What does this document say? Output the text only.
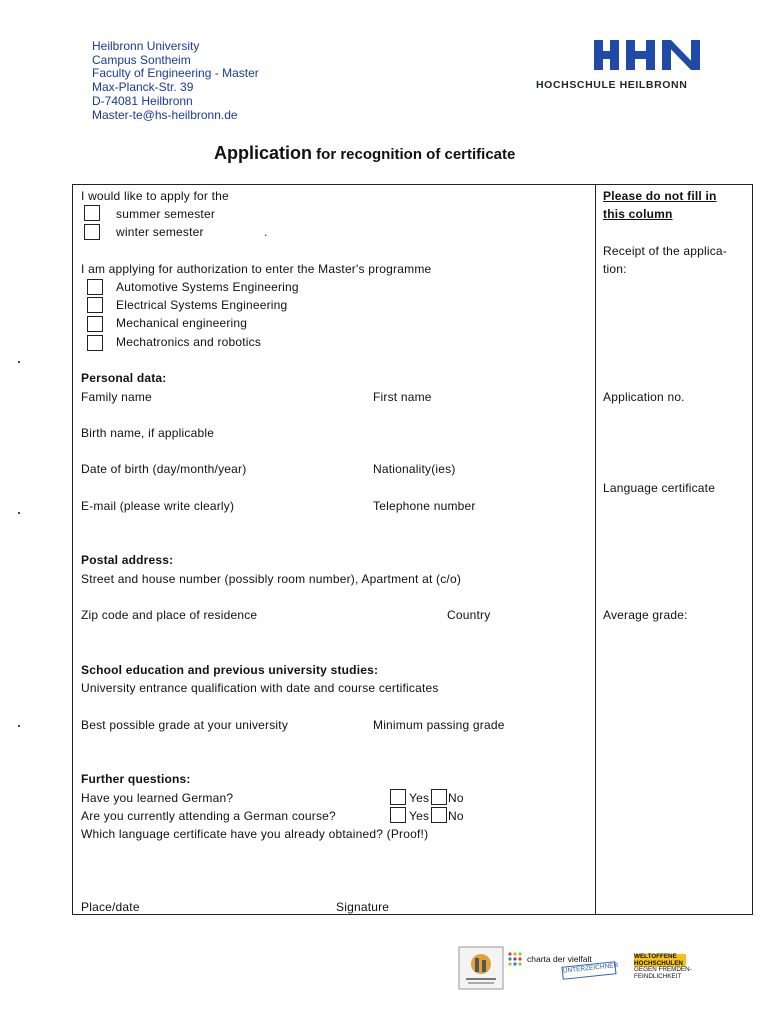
Heilbronn University
Campus Sontheim
Faculty of Engineering - Master
Max-Planck-Str. 39
D-74081 Heilbronn
Master-te@hs-heilbronn.de
HOCHSCHULE HEILBRONN
Application for recognition of certificate
I would like to apply for the
summer semester
winter semester	.
I am applying for authorization to enter the Master's programme
Automotive Systems Engineering
Electrical Systems Engineering
Mechanical engineering
Mechatronics and robotics
Personal data:
Family name	First name
Birth name, if applicable
Date of birth (day/month/year)	Nationality(ies)
E-mail (please write clearly)	Telephone number
Postal address:
Street and house number (possibly room number), Apartment at (c/o)
Zip code and place of residence	Country
School education and previous university studies:
University entrance qualification with date and course certificates
Best possible grade at your university	Minimum passing grade
Further questions:
Have you learned German?	Yes No
Are you currently attending a German course?	Yes No
Which language certificate have you already obtained? (Proof!)
Place/date	Signature
Please do not fill in
this column
Receipt of the applica-
tion:
Application no.
Language certificate
Average grade:
charta der vielfalt
UNTERZEICHNER
WELTOFFENE
HOCHSCHULEN
GEGEN FREMDEN-
FEINDLICHKEIT
